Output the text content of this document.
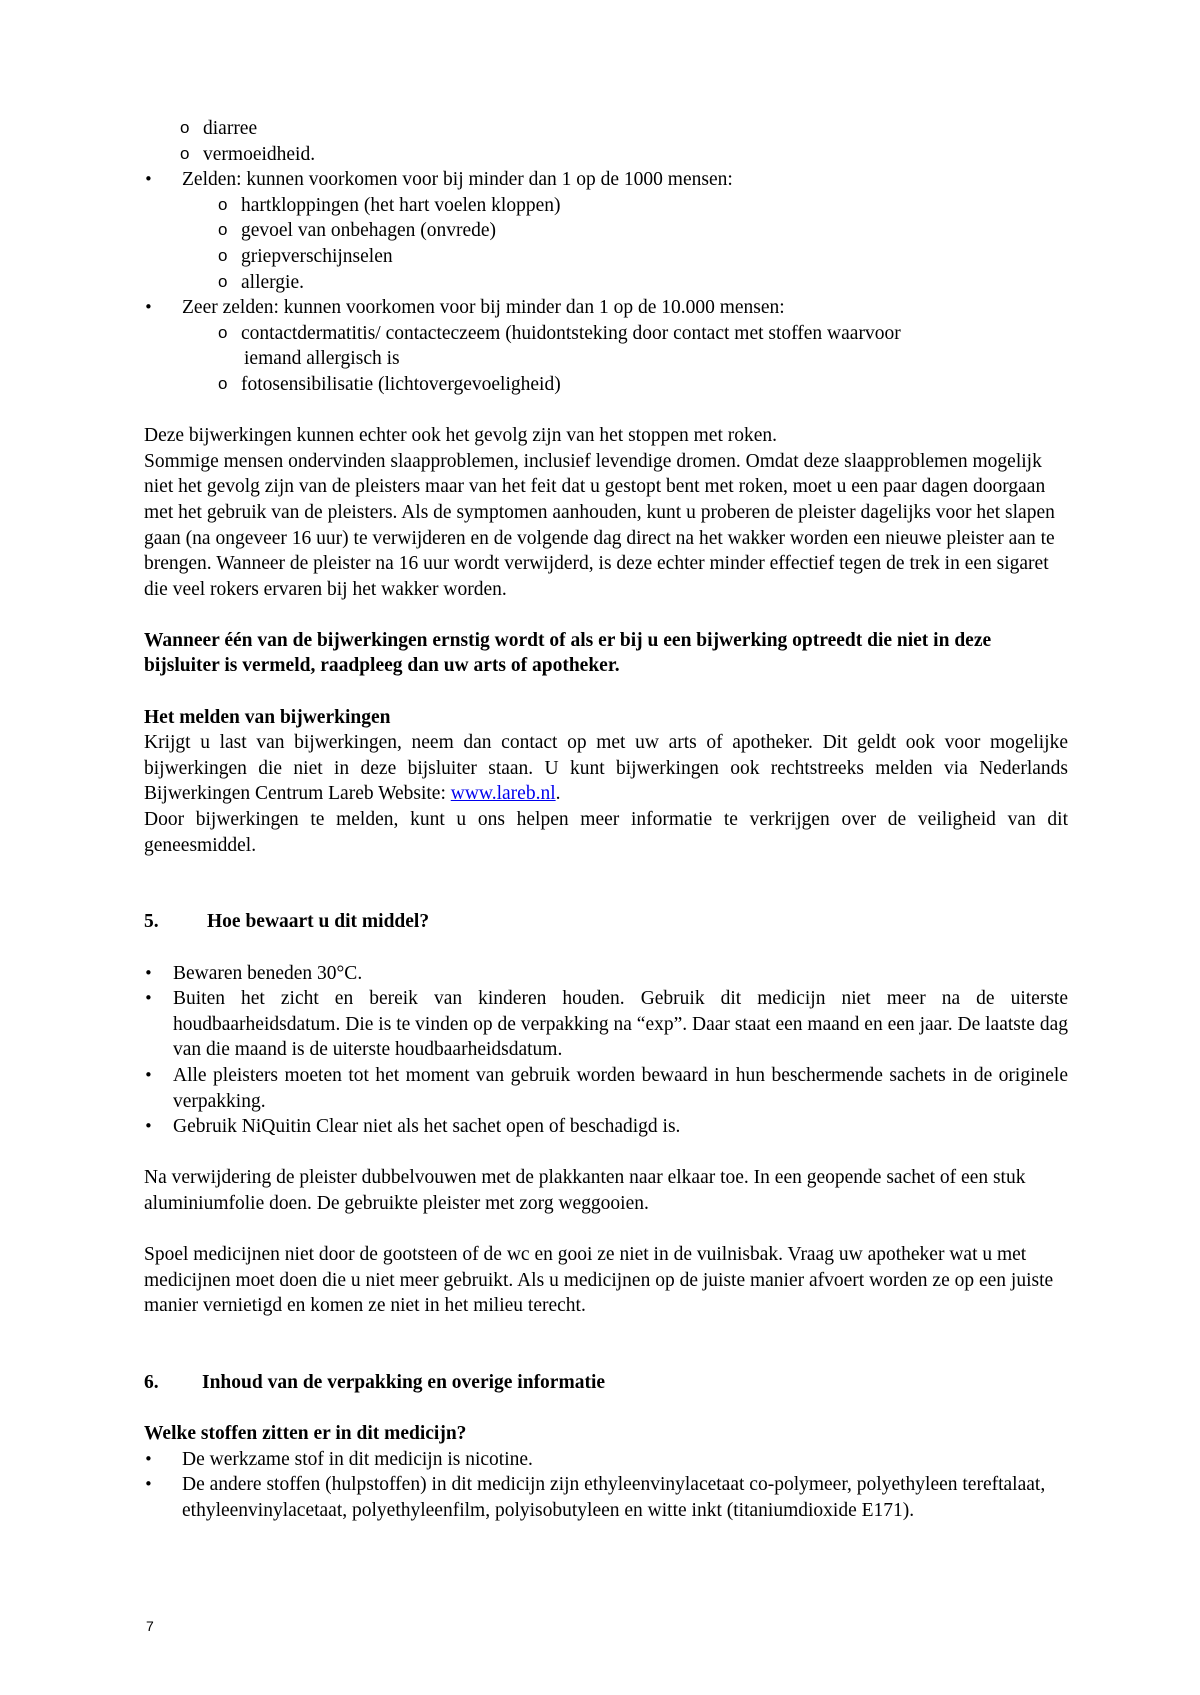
o diarree
o vermoeidheid.
• Zelden: kunnen voorkomen voor bij minder dan 1 op de 1000 mensen:
o hartkloppingen (het hart voelen kloppen)
o gevoel van onbehagen (onvrede)
o griepverschijnselen
o allergie.
• Zeer zelden: kunnen voorkomen voor bij minder dan 1 op de 10.000 mensen:
o contactdermatitis/ contacteczeem (huidontsteking door contact met stoffen waarvoor
iemand allergisch is
o fotosensibilisatie (lichtovergevoeligheid)

Deze bijwerkingen kunnen echter ook het gevolg zijn van het stoppen met roken.

Sommige mensen ondervinden slaapproblemen, inclusief levendige dromen. Omdat deze slaapproblemen mogelijk niet het gevolg zijn van de pleisters maar van het feit dat u gestopt bent met roken, moet u een paar dagen doorgaan met het gebruik van de pleisters. Als de symptomen aanhouden, kunt u proberen de pleister dagelijks voor het slapen gaan (na ongeveer 16 uur) te verwijderen en de volgende dag direct na het wakker worden een nieuwe pleister aan te brengen. Wanneer de pleister na 16 uur wordt verwijderd, is deze echter minder effectief tegen de trek in een sigaret die veel rokers ervaren bij het wakker worden.

Wanneer één van de bijwerkingen ernstig wordt of als er bij u een bijwerking optreedt die niet in deze bijsluiter is vermeld, raadpleeg dan uw arts of apotheker.

Het melden van bijwerkingen

Krijgt u last van bijwerkingen, neem dan contact op met uw arts of apotheker. Dit geldt ook voor mogelijke bijwerkingen die niet in deze bijsluiter staan. U kunt bijwerkingen ook rechtstreeks melden via Nederlands Bijwerkingen Centrum Lareb Website: www.lareb.nl.

Door bijwerkingen te melden, kunt u ons helpen meer informatie te verkrijgen over de veiligheid van dit geneesmiddel.

5. Hoe bewaart u dit middel?

• Bewaren beneden 30°C.
• Buiten het zicht en bereik van kinderen houden. Gebruik dit medicijn niet meer na de uiterste houdbaarheidsdatum. Die is te vinden op de verpakking na “exp”. Daar staat een maand en een jaar. De laatste dag van die maand is de uiterste houdbaarheidsdatum.
• Alle pleisters moeten tot het moment van gebruik worden bewaard in hun beschermende sachets in de originele verpakking.
• Gebruik NiQuitin Clear niet als het sachet open of beschadigd is.

Na verwijdering de pleister dubbelvouwen met de plakkanten naar elkaar toe. In een geopende sachet of een stuk aluminiumfolie doen. De gebruikte pleister met zorg weggooien.

Spoel medicijnen niet door de gootsteen of de wc en gooi ze niet in de vuilnisbak. Vraag uw apotheker wat u met medicijnen moet doen die u niet meer gebruikt. Als u medicijnen op de juiste manier afvoert worden ze op een juiste manier vernietigd en komen ze niet in het milieu terecht.

6. Inhoud van de verpakking en overige informatie

Welke stoffen zitten er in dit medicijn?

• De werkzame stof in dit medicijn is nicotine.
• De andere stoffen (hulpstoffen) in dit medicijn zijn ethyleenvinylacetaat co-polymeer, polyethyleen tereftalaat, ethyleenvinylacetaat, polyethyleenfilm, polyisobutyleen en witte inkt (titaniumdioxide E171).
7
